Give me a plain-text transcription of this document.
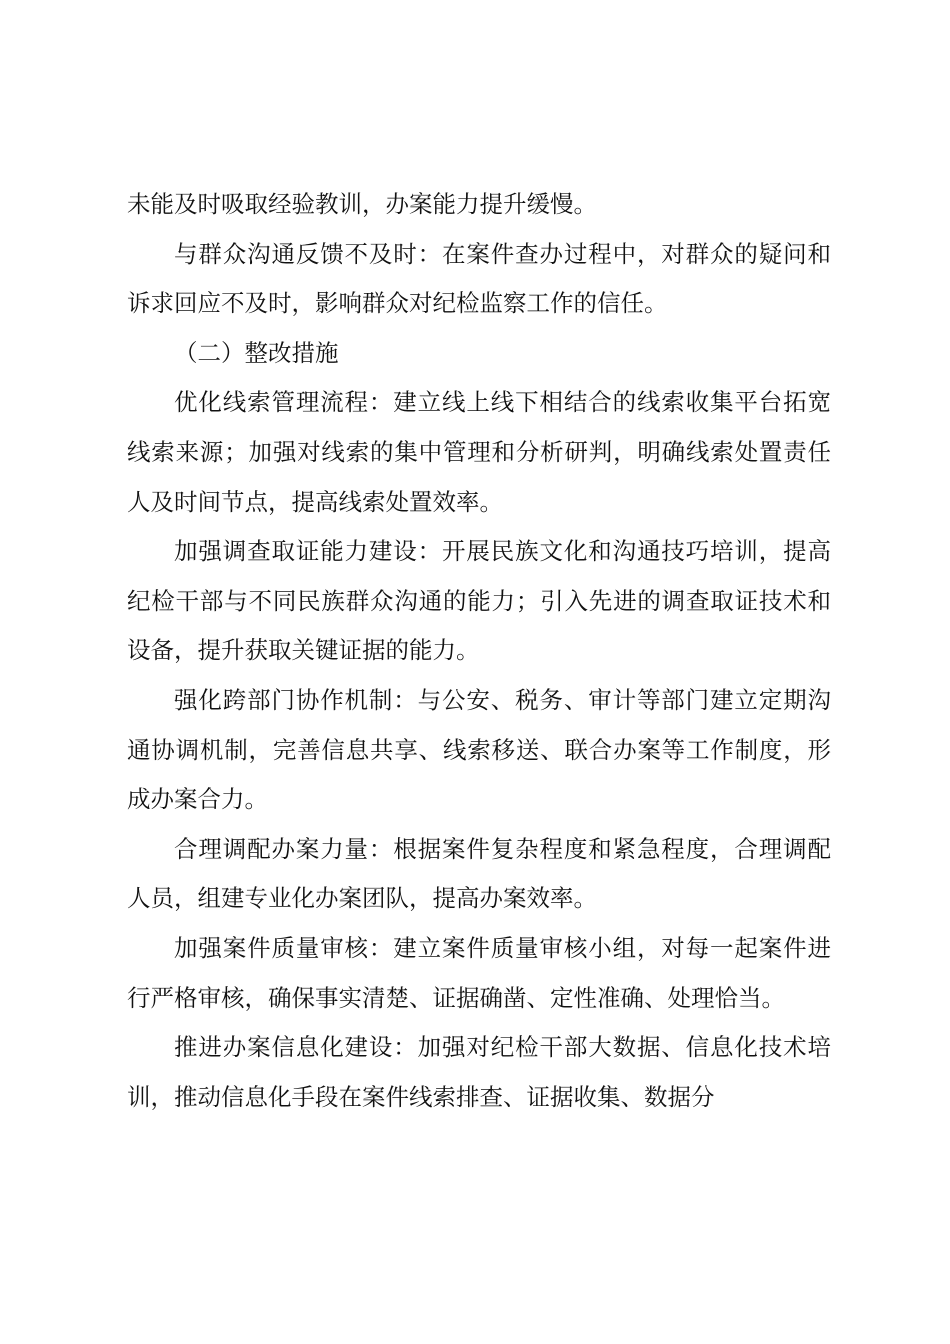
未能及时吸取经验教训，办案能力提升缓慢。

与群众沟通反馈不及时：在案件查办过程中，对群众的疑问和诉求回应不及时，影响群众对纪检监察工作的信任。

（二）整改措施

优化线索管理流程：建立线上线下相结合的线索收集平台拓宽线索来源；加强对线索的集中管理和分析研判，明确线索处置责任人及时间节点，提高线索处置效率。

加强调查取证能力建设：开展民族文化和沟通技巧培训，提高纪检干部与不同民族群众沟通的能力；引入先进的调查取证技术和设备，提升获取关键证据的能力。

强化跨部门协作机制：与公安、税务、审计等部门建立定期沟通协调机制，完善信息共享、线索移送、联合办案等工作制度，形成办案合力。

合理调配办案力量：根据案件复杂程度和紧急程度，合理调配人员，组建专业化办案团队，提高办案效率。

加强案件质量审核：建立案件质量审核小组，对每一起案件进行严格审核，确保事实清楚、证据确凿、定性准确、处理恰当。

推进办案信息化建设：加强对纪检干部大数据、信息化技术培训，推动信息化手段在案件线索排查、证据收集、数据分
